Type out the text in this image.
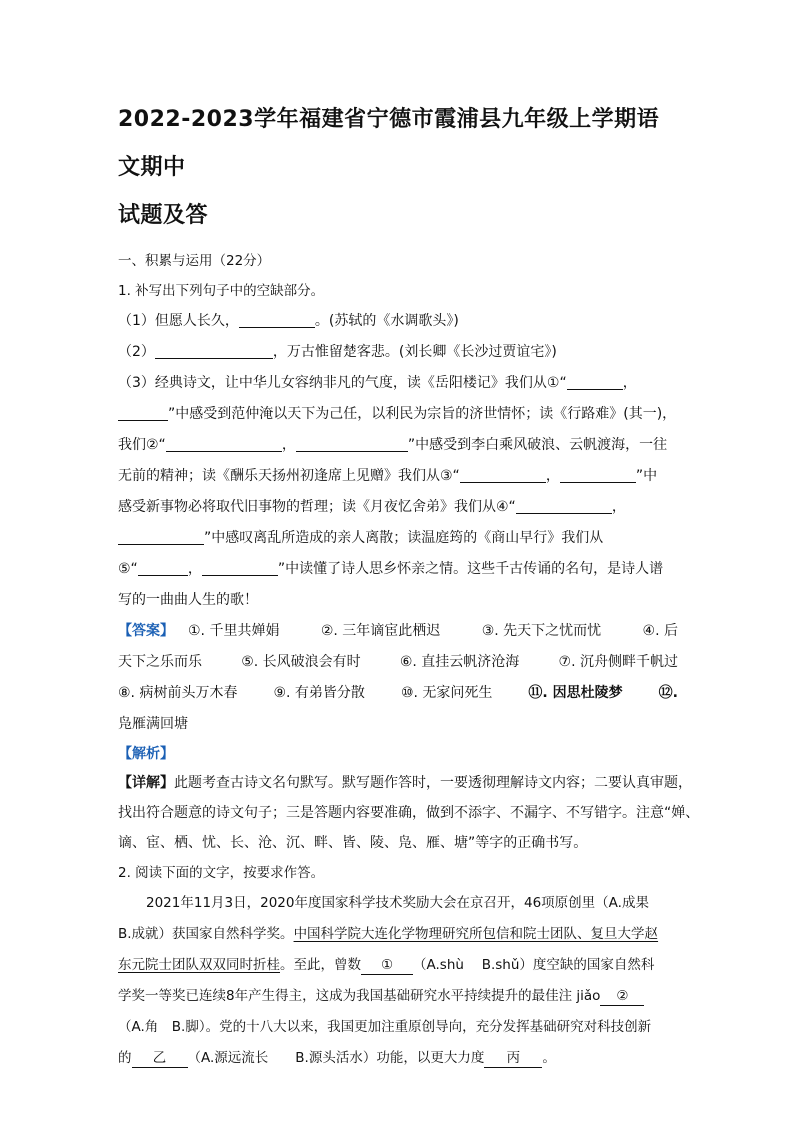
2022-2023学年福建省宁德市霞浦县九年级上学期语文期中
试题及答
一、积累与运用（22分）
1. 补写出下列句子中的空缺部分。
（1）但愿人长久，	。(苏轼的《水调歌头》)
（2）	，万古惟留楚客悲。(刘长卿《长沙过贾谊宅》)
（3）经典诗文，让中华儿女容纳非凡的气度，读《岳阳楼记》我们从①“	，
”中感受到范仲淹以天下为己任，以利民为宗旨的济世情怀；读《行路难》(其一)，
我们②“	，	”中感受到李白乘风破浪、云帆渡海，一往
无前的精神；读《酬乐天扬州初逢席上见赠》我们从③“	，	”中
感受新事物必将取代旧事物的哲理；读《月夜忆舍弟》我们从④“	，
”中感叹离乱所造成的亲人离散；读温庭筠的《商山早行》我们从
⑤“	，	”中读懂了诗人思乡怀亲之情。这些千古传诵的名句，是诗人谱
写的一曲曲人生的歌！
【答案】 ①. 千里共婵娟	②. 三年谪宦此栖迟	③. 先天下之忧而忧	④. 后
天下之乐而乐	⑤. 长风破浪会有时	⑥. 直挂云帆济沧海	⑦. 沉舟侧畔千帆过
⑧. 病树前头万木春	⑨. 有弟皆分散	⑩. 无家问死生	⑪. 因思杜陵梦	⑫.
凫雁满回塘
【解析】
【详解】此题考查古诗文名句默写。默写题作答时，一要透彻理解诗文内容；二要认真审题，
找出符合题意的诗文句子；三是答题内容要准确，做到不添字、不漏字、不写错字。注意“婵、
谪、宦、栖、忧、长、沧、沉、畔、皆、陵、凫、雁、塘”等字的正确书写。
2. 阅读下面的文字，按要求作答。
2021年11月3日，2020年度国家科学技术奖励大会在京召开，46项原创里（A.成果
B.成就）获国家自然科学奖。中国科学院大连化学物理研究所包信和院士团队、复旦大学赵
东元院士团队双双同时折桂。至此，曾数 ① （A.shù　 B.shǔ）度空缺的国家自然科
学奖一等奖已连续8年产生得主，这成为我国基础研究水平持续提升的最佳注 jiǎo ②
（A.角　B.脚）。党的十八大以来，我国更加注重原创导向，充分发挥基础研究对科技创新
的 乙 （A.源远流长　　B.源头活水）功能，以更大力度 丙 。
